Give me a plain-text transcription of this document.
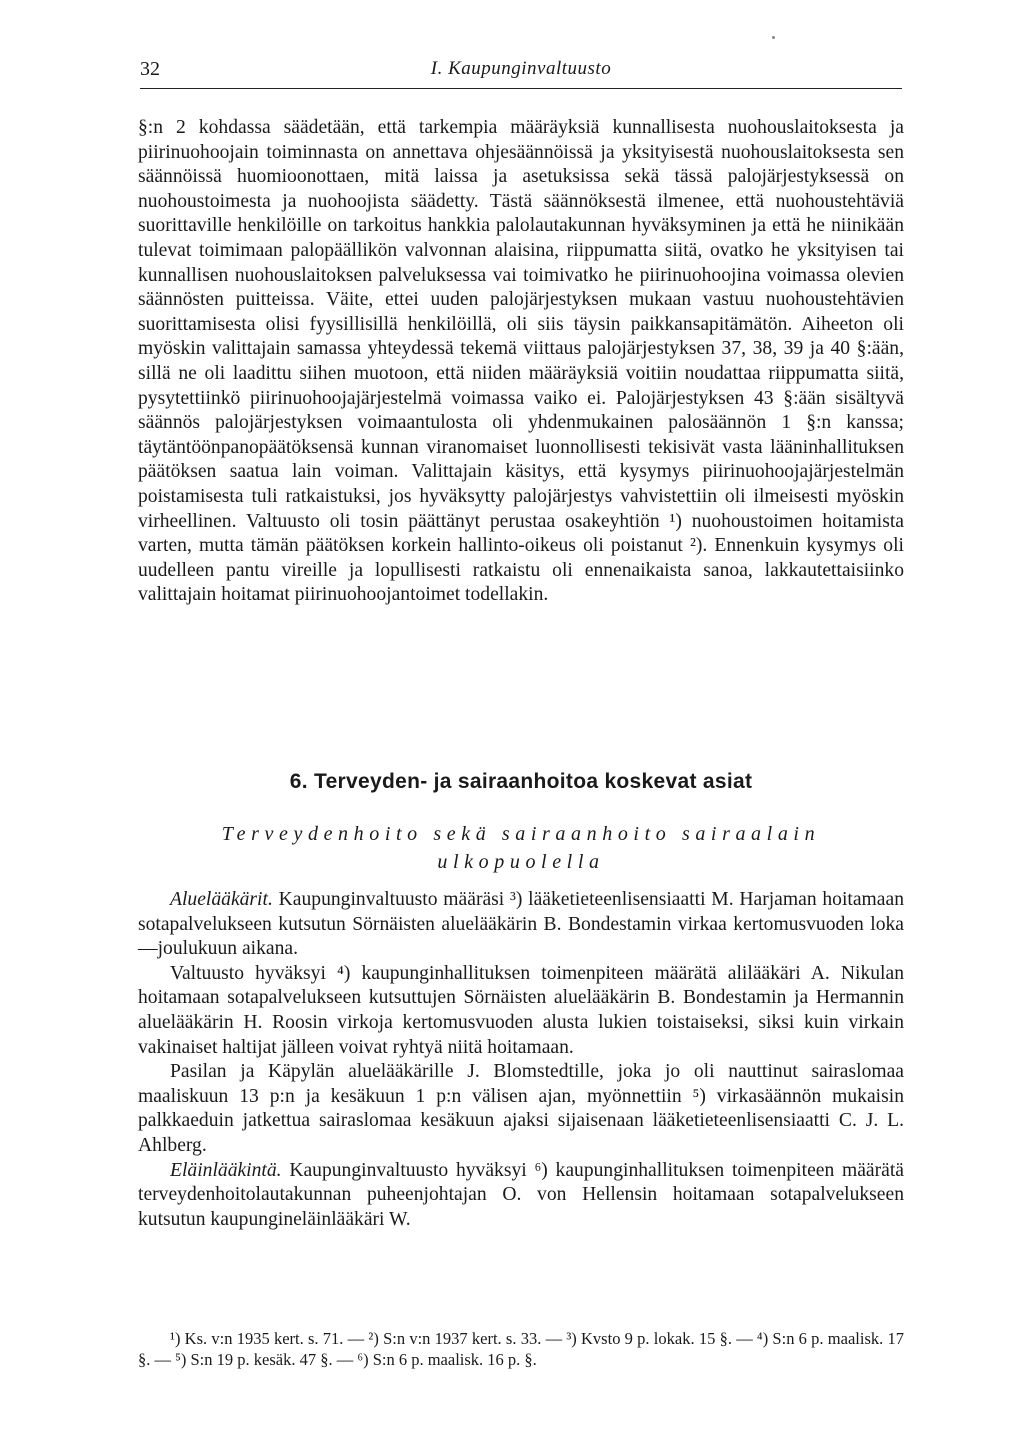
32	I. Kaupunginvaltuusto

§:n 2 kohdassa säädetään, että tarkempia määräyksiä kunnallisesta nuohouslaitoksesta ja piirinuohoojain toiminnasta on annettava ohjesäännöissä ja yksityisestä nuohouslaitoksesta sen säännöissä huomioonottaen, mitä laissa ja asetuksissa sekä tässä palojärjestyksessä on nuohoustoimesta ja nuohoojista säädetty. Tästä säännöksestä ilmenee, että nuohoustehtäviä suorittaville henkilöille on tarkoitus hankkia palolautakunnan hyväksyminen ja että he niinikään tulevat toimimaan palopäällikön valvonnan alaisina, riippumatta siitä, ovatko he yksityisen tai kunnallisen nuohouslaitoksen palveluksessa vai toimivatko he piirinuohoojina voimassa olevien säännösten puitteissa. Väite, ettei uuden palojärjestyksen mukaan vastuu nuohoustehtävien suorittamisesta olisi fyysillisillä henkilöillä, oli siis täysin paikkansapitämätön. Aiheeton oli myöskin valittajain samassa yhteydessä tekemä viittaus palojärjestyksen 37, 38, 39 ja 40 §:ään, sillä ne oli laadittu siihen muotoon, että niiden määräyksiä voitiin noudattaa riippumatta siitä, pysytettiinkö piirinuohoojajärjestelmä voimassa vaiko ei. Palojärjestyksen 43 §:ään sisältyvä säännös palojärjestyksen voimaantulosta oli yhdenmukainen palosäännön 1 §:n kanssa; täytäntöönpanopäätöksensä kunnan viranomaiset luonnollisesti tekisivät vasta lääninhallituksen päätöksen saatua lain voiman. Valittajain käsitys, että kysymys piirinuohoojajärjestelmän poistamisesta tuli ratkaistuksi, jos hyväksytty palojärjestys vahvistettiin oli ilmeisesti myöskin virheellinen. Valtuusto oli tosin päättänyt perustaa osakeyhtiön ¹) nuohoustoimen hoitamista varten, mutta tämän päätöksen korkein hallinto-oikeus oli poistanut ²). Ennenkuin kysymys oli uudelleen pantu vireille ja lopullisesti ratkaistu oli ennenaikaista sanoa, lakkautettaisiinko valittajain hoitamat piirinuohoojantoimet todellakin.

6. Terveyden- ja sairaanhoitoa koskevat asiat
Terveydenhoito sekä sairaanhoito sairaalain ulkopuolella

Aluelääkärit. Kaupunginvaltuusto määräsi ³) lääketieteenlisensiaatti M. Harjaman hoitamaan sotapalvelukseen kutsutun Sörnäisten aluelääkärin B. Bondestamin virkaa kertomusvuoden loka—joulukuun aikana.

Valtuusto hyväksyi ⁴) kaupunginhallituksen toimenpiteen määrätä alilääkäri A. Nikulan hoitamaan sotapalvelukseen kutsuttujen Sörnäisten aluelääkärin B. Bondestamin ja Hermannin aluelääkärin H. Roosin virkoja kertomusvuoden alusta lukien toistaiseksi, siksi kuin virkain vakinaiset haltijat jälleen voivat ryhtyä niitä hoitamaan.

Pasilan ja Käpylän aluelääkärille J. Blomstedtille, joka jo oli nauttinut sairaslomaa maaliskuun 13 p:n ja kesäkuun 1 p:n välisen ajan, myönnettiin ⁵) virkasäännön mukaisin palkkaeduin jatkettua sairaslomaa kesäkuun ajaksi sijaisenaan lääketieteenlisensiaatti C. J. L. Ahlberg.

Eläinlääkintä. Kaupunginvaltuusto hyväksyi ⁶) kaupunginhallituksen toimenpiteen määrätä terveydenhoitolautakunnan puheenjohtajan O. von Hellensin hoitamaan sotapalvelukseen kutsutun kaupungineläinlääkäri W.

¹) Ks. v:n 1935 kert. s. 71. — ²) S:n v:n 1937 kert. s. 33. — ³) Kvsto 9 p. lokak. 15 §. — ⁴) S:n 6 p. maalisk. 17 §. — ⁵) S:n 19 p. kesäk. 47 §. — ⁶) S:n 6 p. maalisk. 16 p. §.
